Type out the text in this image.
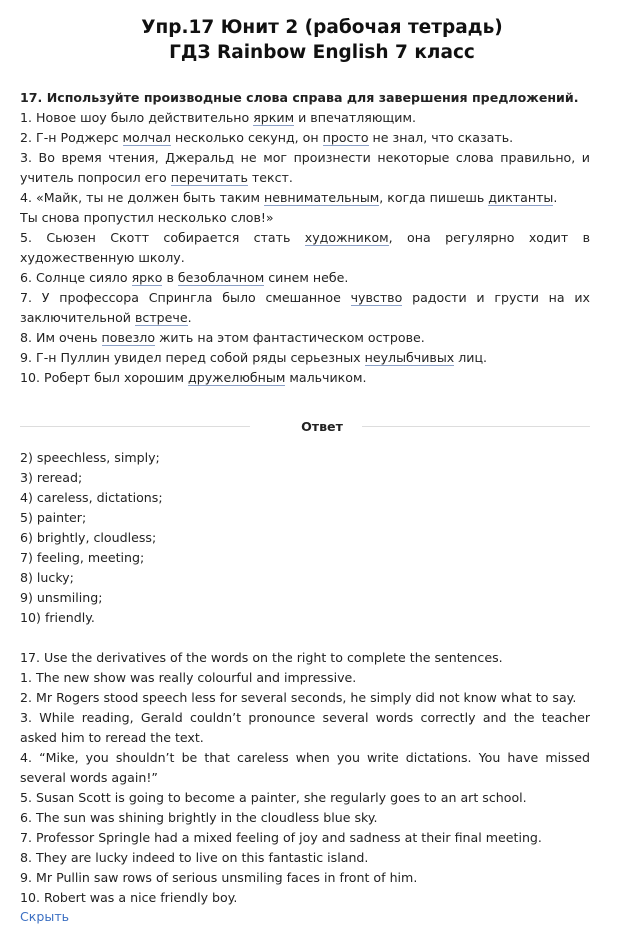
Упр.17 Юнит 2 (рабочая тетрадь)
ГДЗ Rainbow English 7 класс
17. Используйте производные слова справа для завершения предложений.
1. Новое шоу было действительно ярким и впечатляющим.
2. Г-н Роджерс молчал несколько секунд, он просто не знал, что сказать.
3. Во время чтения, Джеральд не мог произнести некоторые слова правильно, и
учитель попросил его перечитать текст.
4. «Майк, ты не должен быть таким невнимательным, когда пишешь диктанты.
Ты снова пропустил несколько слов!»
5. Сьюзен Скотт собирается стать художником, она регулярно ходит в
художественную школу.
6. Солнце сияло ярко в безоблачном синем небе.
7. У профессора Спрингла было смешанное чувство радости и грусти на их
заключительной встрече.
8. Им очень повезло жить на этом фантастическом острове.
9. Г-н Пуллин увидел перед собой ряды серьезных неулыбчивых лиц.
10. Роберт был хорошим дружелюбным мальчиком.
Ответ
2) speechless, simply;
3) reread;
4) careless, dictations;
5) painter;
6) brightly, cloudless;
7) feeling, meeting;
8) lucky;
9) unsmiling;
10) friendly.
17. Use the derivatives of the words on the right to complete the sentences.
1. The new show was really colourful and impressive.
2. Mr Rogers stood speech less for several seconds, he simply did not know what to say.
3. While reading, Gerald couldn’t pronounce several words correctly and the teacher
asked him to reread the text.
4. “Mike, you shouldn’t be that careless when you write dictations. You have missed
several words again!”
5. Susan Scott is going to become a painter, she regularly goes to an art school.
6. The sun was shining brightly in the cloudless blue sky.
7. Professor Springle had a mixed feeling of joy and sadness at their final meeting.
8. They are lucky indeed to live on this fantastic island.
9. Mr Pullin saw rows of serious unsmiling faces in front of him.
10. Robert was a nice friendly boy.
Скрыть
